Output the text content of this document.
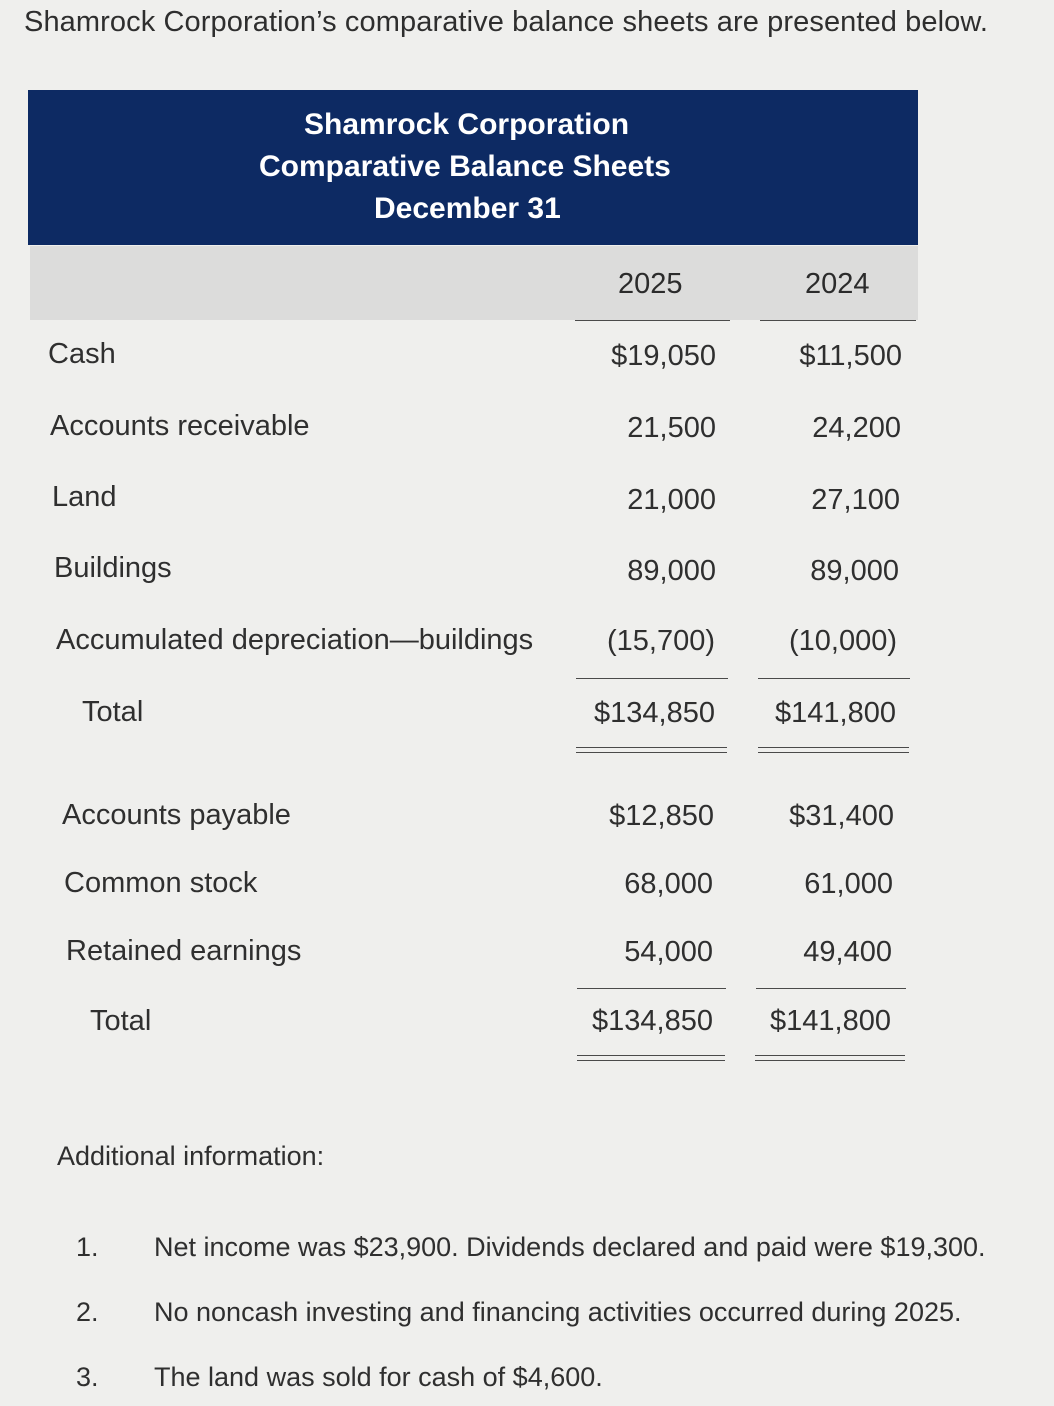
Shamrock Corporation’s comparative balance sheets are presented below.
Shamrock Corporation
Comparative Balance Sheets
December 31
2025	2024
Cash	$19,050	$11,500
Accounts receivable	21,500	24,200
Land	21,000	27,100
Buildings	89,000	89,000
Accumulated depreciation—buildings	(15,700)	(10,000)
Total	$134,850 $141,800
Accounts payable	$12,850	$31,400
Common stock	68,000	61,000
Retained earnings	54,000	49,400
Total	$134,850 $141,800
Additional information:
1. Net income was $23,900. Dividends declared and paid were $19,300.
2. No noncash investing and financing activities occurred during 2025.
3. The land was sold for cash of $4,600.
